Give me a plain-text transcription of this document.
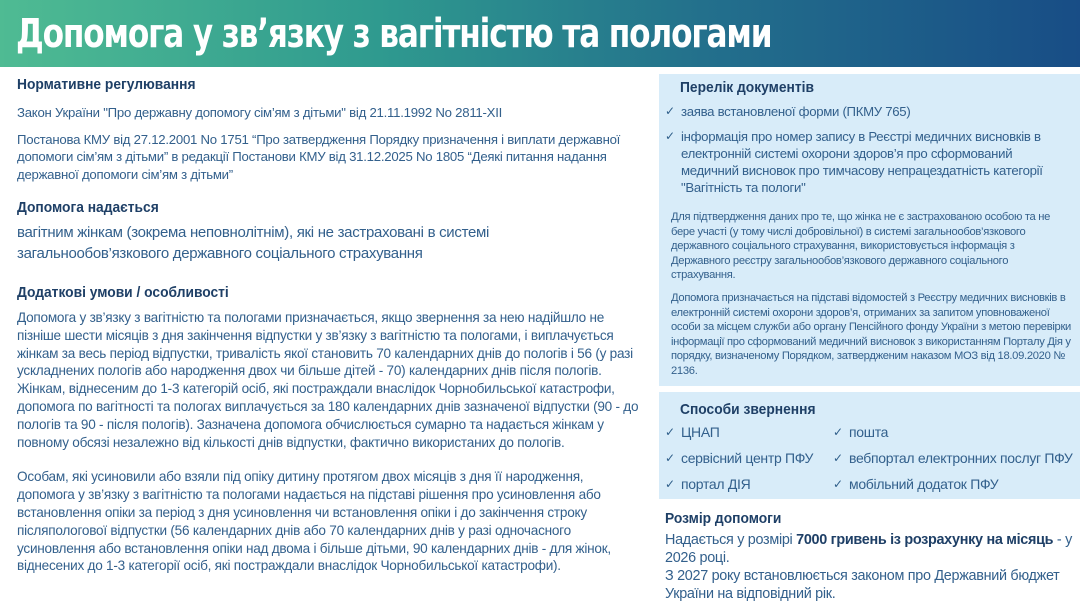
Допомога у зв’язку з вагітністю та пологами
Нормативне регулювання
Закон України "Про державну допомогу сім’ям з дітьми" від 21.11.1992 No 2811-XII
Постанова КМУ від 27.12.2001 No 1751 “Про затвердження Порядку призначення і виплати державної допомоги сім’ям з дітьми” в редакції Постанови КМУ від 31.12.2025 No 1805 “Деякі питання надання державної допомоги сім’ям з дітьми”
Допомога надається
вагітним жінкам (зокрема неповнолітнім), які не застраховані в системі загальнообов’язкового державного соціального страхування
Додаткові умови / особливості
Допомога у зв’язку з вагітністю та пологами призначається, якщо звернення за нею надійшло не пізніше шести місяців з дня закінчення відпустки у зв’язку з вагітністю та пологами, і виплачується жінкам за весь період відпустки, тривалість якої становить 70 календарних днів до пологів і 56 (у разі ускладнених пологів або народження двох чи більше дітей - 70) календарних днів після пологів. Жінкам, віднесеним до 1-3 категорій осіб, які постраждали внаслідок Чорнобильської катастрофи, допомога по вагітності та пологах виплачується за 180 календарних днів зазначеної відпустки (90 - до пологів та 90 - після пологів). Зазначена допомога обчислюється сумарно та надається жінкам у повному обсязі незалежно від кількості днів відпустки, фактично використаних до пологів.
Особам, які усиновили або взяли під опіку дитину протягом двох місяців з дня її народження, допомога у зв’язку з вагітністю та пологами надається на підставі рішення про усиновлення або встановлення опіки за період з дня усиновлення чи встановлення опіки і до закінчення строку післяпологової відпустки (56 календарних днів або 70 календарних днів у разі одночасного усиновлення або встановлення опіки над двома і більше дітьми, 90 календарних днів - для жінок, віднесених до 1-3 категорії осіб, які постраждали внаслідок Чорнобильської катастрофи).
Перелік документів
✓ заява встановленої форми (ПКМУ 765)
✓ інформація про номер запису в Реєстрі медичних висновків в електронній системі охорони здоров’я про сформований медичний висновок про тимчасову непрацездатність категорії "Вагітність та пологи"
Для підтвердження даних про те, що жінка не є застрахованою особою та не бере участі (у тому числі добровільної) в системі загальнообов’язкового державного соціального страхування, використовується інформація з Державного реєстру загальнообов’язкового державного соціального страхування.
Допомога призначається на підставі відомостей з Реєстру медичних висновків в електронній системі охорони здоров’я, отриманих за запитом уповноваженої особи за місцем служби або органу Пенсійного фонду України з метою перевірки інформації про сформований медичний висновок з використанням Порталу Дія у порядку, визначеному Порядком, затвердженим наказом МОЗ від 18.09.2020 № 2136.
Способи звернення
✓ ЦНАП	✓ пошта
✓ сервісний центр ПФУ ✓ вебпортал електронних послуг ПФУ
✓ портал ДІЯ	✓ мобільний додаток ПФУ
Розмір допомоги
Надається у розмірі 7000 гривень із розрахунку на місяць - у 2026 році.
З 2027 року встановлюється законом про Державний бюджет України на відповідний рік.
